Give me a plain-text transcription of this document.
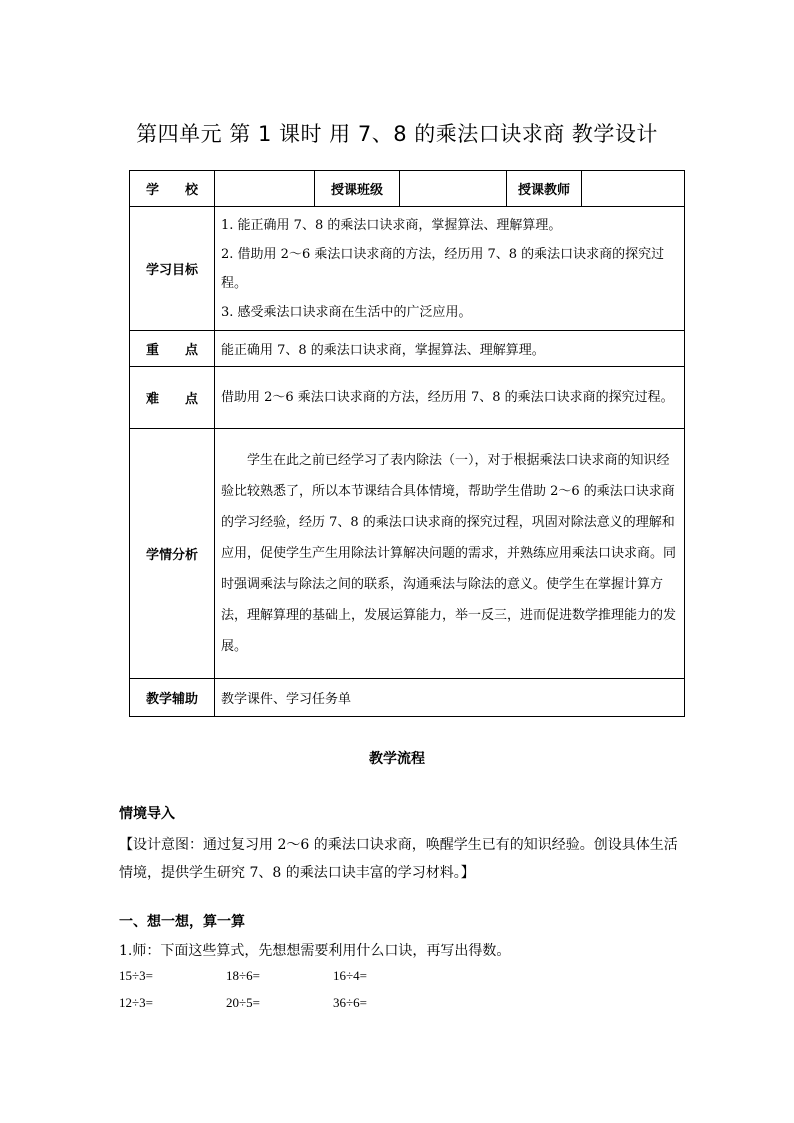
第四单元 第 1 课时 用 7、8 的乘法口诀求商 教学设计
学　　校		授课班级		授课教师	
学习目标	1. 能正确用 7、8 的乘法口诀求商，掌握算法、理解算理。
2. 借助用 2～6 乘法口诀求商的方法，经历用 7、8 的乘法口诀求商的探究过程。
3. 感受乘法口诀求商在生活中的广泛应用。				

重　　点	能正确用 7、8 的乘法口诀求商，掌握算法、理解算理。				
难　　点	借助用 2～6 乘法口诀求商的方法，经历用 7、8 的乘法口诀求商的探究过程。				
学情分析	学生在此之前已经学习了表内除法（一），对于根据乘法口诀求商的知识经验比较熟悉了，所以本节课结合具体情境，帮助学生借助 2～6 的乘法口诀求商的学习经验，经历 7、8 的乘法口诀求商的探究过程，巩固对除法意义的理解和应用，促使学生产生用除法计算解决问题的需求，并熟练应用乘法口诀求商。同时强调乘法与除法之间的联系，沟通乘法与除法的意义。使学生在掌握计算方法，理解算理的基础上，发展运算能力，举一反三，进而促进数学推理能力的发展。				
教学辅助	教学课件、学习任务单				
教学流程
情境导入
【设计意图：通过复习用 2～6 的乘法口诀求商，唤醒学生已有的知识经验。创设具体生活情境，提供学生研究 7、8 的乘法口诀丰富的学习材料。】
一、想一想，算一算
1.师：下面这些算式，先想想需要利用什么口诀，再写出得数。
15÷3=	18÷6=	16÷4=
12÷3=	20÷5=	36÷6=
